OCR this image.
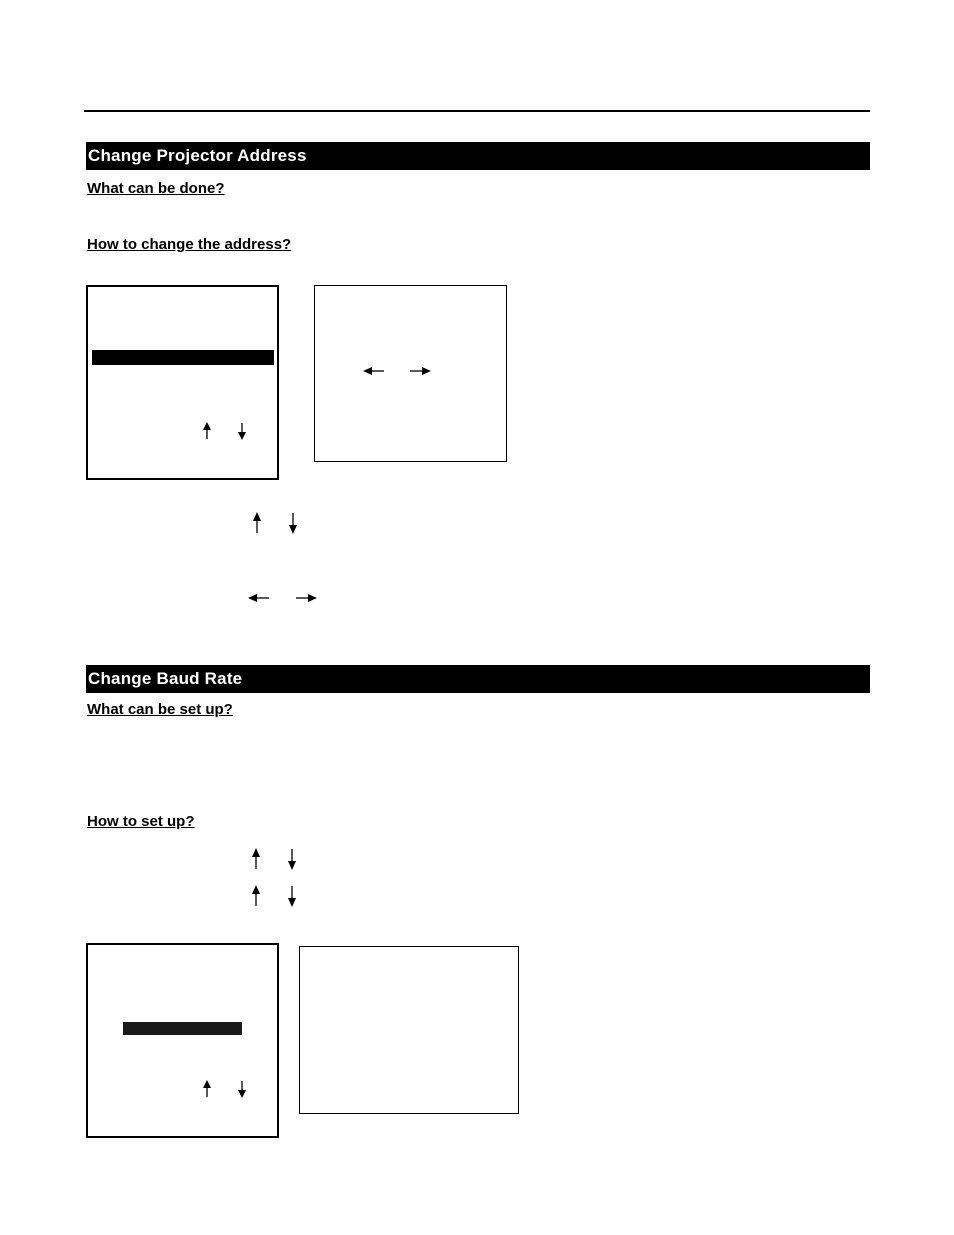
Change Projector Address
What can be done?
How to change the address?
Change Baud Rate
What can be set up?
How to set up?
